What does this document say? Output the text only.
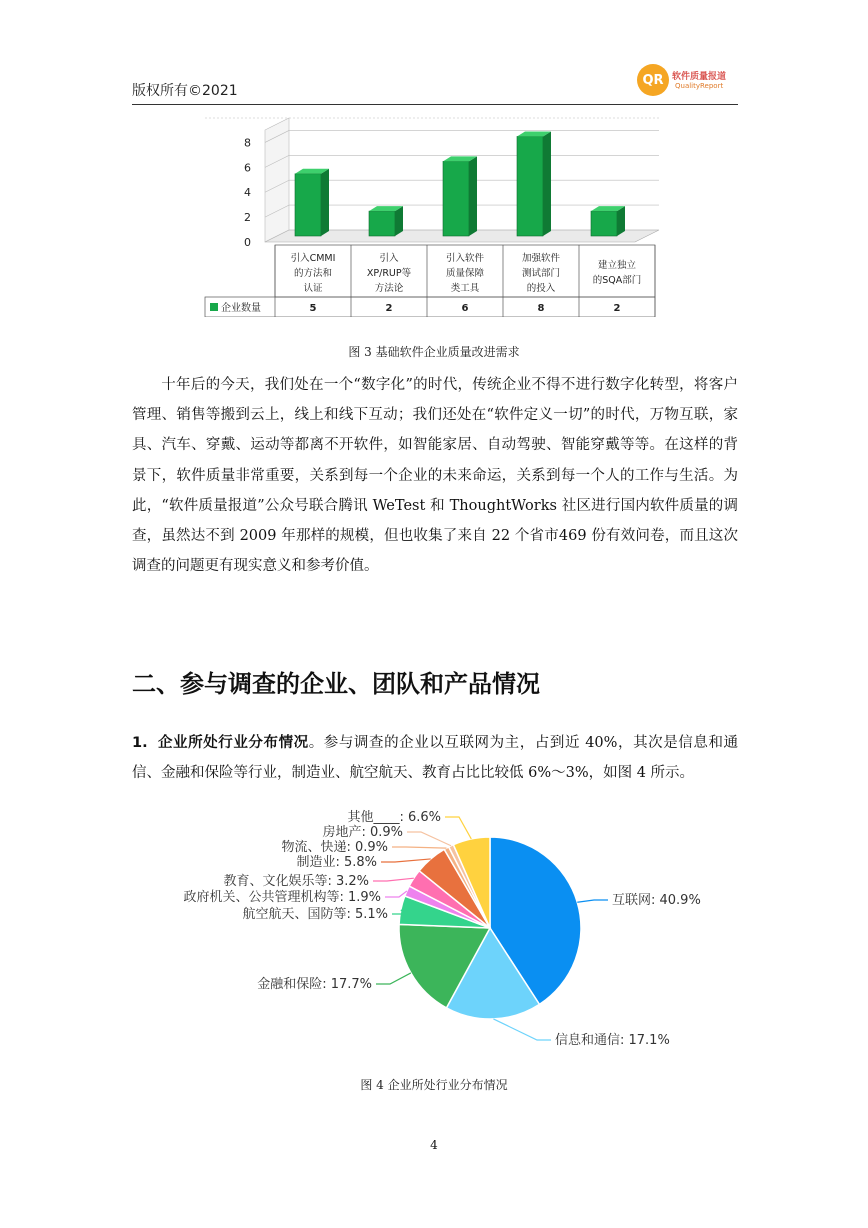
版权所有©2021
QR 软件质量报道
QualityReport
0
2
4
6
8
引入CMMI
的方法和
认证
5
引入
XP/RUP等
方法论
2
引入软件
质量保障
类工具
6
加强软件
测试部门
的投入
8
建立独立
的SQA部门
2
企业数量
图 3 基础软件企业质量改进需求
十年后的今天，我们处在一个“数字化”的时代，传统企业不得不进行数字化转型，将客户管理、销售等搬到云上，线上和线下互动；我们还处在“软件定义一切”的时代，万物互联，家具、汽车、穿戴、运动等都离不开软件，如智能家居、自动驾驶、智能穿戴等等。在这样的背景下，软件质量非常重要，关系到每一个企业的未来命运，关系到每一个人的工作与生活。为此，“软件质量报道”公众号联合腾讯 WeTest 和 ThoughtWorks 社区进行国内软件质量的调查，虽然达不到 2009 年那样的规模，但也收集了来自 22 个省市469 份有效问卷，而且这次调查的问题更有现实意义和参考价值。
二、参与调查的企业、团队和产品情况
1. 企业所处行业分布情况。参与调查的企业以互联网为主，占到近 40%，其次是信息和通信、金融和保险等行业，制造业、航空航天、教育占比比较低 6%～3%，如图 4 所示。
互联网: 40.9%
信息和通信: 17.1%
金融和保险: 17.7%
航空航天、国防等: 5.1%
政府机关、公共管理机构等: 1.9%
教育、文化娱乐等: 3.2%
制造业: 5.8%
物流、快递: 0.9%
房地产: 0.9%
其他____: 6.6%
图 4 企业所处行业分布情况
4
